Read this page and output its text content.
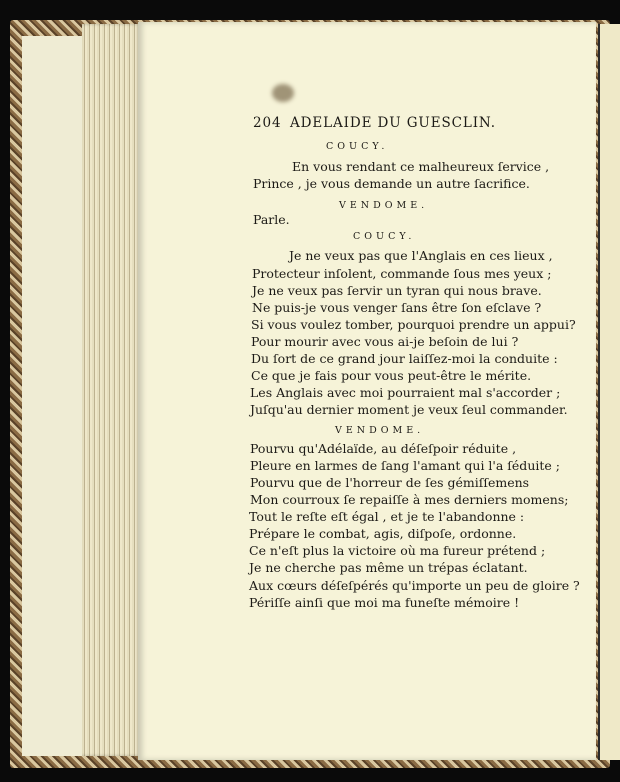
204 ADELAIDE DU GUESCLIN.
COUCY.
En vous rendant ce malheureux ſervice ,
Prince , je vous demande un autre ſacrifice.
VENDOME.
Parle.
COUCY.
Je ne veux pas que l'Anglais en ces lieux ,
Protecteur inſolent, commande ſous mes yeux ;
Je ne veux pas ſervir un tyran qui nous brave.
Ne puis-je vous venger ſans être ſon eſclave ?
Si vous voulez tomber, pourquoi prendre un appui?
Pour mourir avec vous ai-je beſoin de lui ?
Du ſort de ce grand jour laiſſez-moi la conduite :
Ce que je fais pour vous peut-être le mérite.
Les Anglais avec moi pourraient mal s'accorder ;
Juſqu'au dernier moment je veux ſeul commander.
VENDOME.
Pourvu qu'Adélaïde, au déſeſpoir réduite ,
Pleure en larmes de ſang l'amant qui l'a ſéduite ;
Pourvu que de l'horreur de ſes gémiſſemens
Mon courroux ſe repaiſſe à mes derniers momens;
Tout le reſte eſt égal , et je te l'abandonne :
Prépare le combat, agis, diſpoſe, ordonne.
Ce n'eſt plus la victoire où ma fureur prétend ;
Je ne cherche pas même un trépas éclatant.
Aux cœurs déſeſpérés qu'importe un peu de gloire ?
Périſſe ainſi que moi ma funeſte mémoire !
